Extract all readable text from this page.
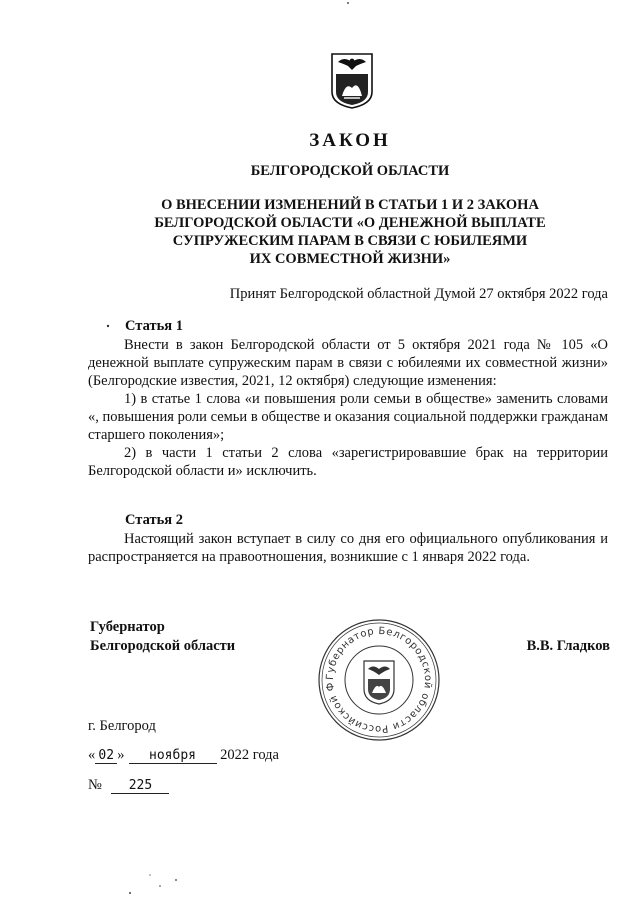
ЗАКОН
БЕЛГОРОДСКОЙ ОБЛАСТИ
О ВНЕСЕНИИ ИЗМЕНЕНИЙ В СТАТЬИ 1 И 2 ЗАКОНА
БЕЛГОРОДСКОЙ ОБЛАСТИ «О ДЕНЕЖНОЙ ВЫПЛАТЕ
СУПРУЖЕСКИМ ПАРАМ В СВЯЗИ С ЮБИЛЕЯМИ
ИХ СОВМЕСТНОЙ ЖИЗНИ»
Принят Белгородской областной Думой 27 октября 2022 года
Статья 1
Внести в закон Белгородской области от 5 октября 2021 года № 105 «О денежной выплате супружеским парам в связи с юбилеями их совместной жизни» (Белгородские известия, 2021, 12 октября) следующие изменения:
1) в статье 1 слова «и повышения роли семьи в обществе» заменить словами «, повышения роли семьи в обществе и оказания социальной поддержки гражданам старшего поколения»;
2) в части 1 статьи 2 слова «зарегистрировавшие брак на территории Белгородской области и» исключить.
Статья 2
Настоящий закон вступает в силу со дня его официального опубликования и распространяется на правоотношения, возникшие с 1 января 2022 года.
Губернатор
Белгородской области	В.В. Гладков
Губернатор Белгородской области Российской Ф
г. Белгород
« 02 » ноября 2022 года
№ 225
